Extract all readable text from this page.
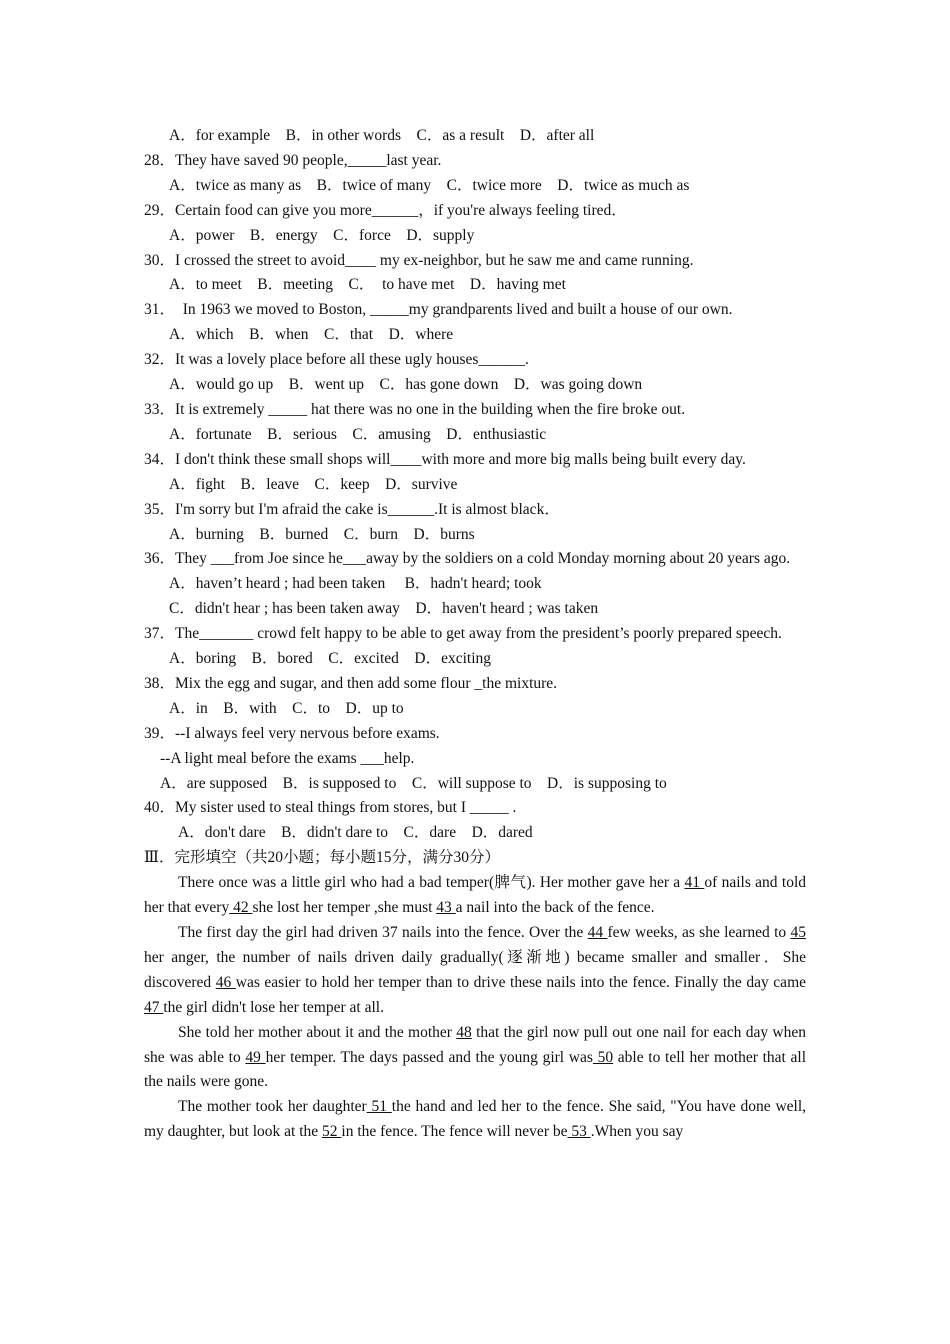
A．for example　B．in other words　C．as a result　D．after all
28．They have saved 90 people,_____last year.
A．twice as many as　B．twice of many　C．twice more　D．twice as much as
29．Certain food can give you more______，if you're always feeling tired．
A．power　B．energy　C．force　D．supply
30．I crossed the street to avoid____ my ex-neighbor, but he saw me and came running.
A．to meet　B．meeting　C．  to have met　D．having met
31．  In 1963 we moved to Boston, _____my grandparents lived and built a house of our own.
A．which　B．when　C．that　D．where
32．It was a lovely place before all these ugly houses______.
A．would go up　B．went up　C．has gone down　D．was going down
33．It is extremely _____ hat there was no one in the building when the fire broke out.
A．fortunate　B．serious　C．amusing　D．enthusiastic
34．I don't think these small shops will____with more and more big malls being built every day.
A．fight　B．leave　C．keep　D．survive
35．I'm sorry but I'm afraid the cake is______.It is almost black．
A．burning　B．burned　C．burn　D．burns
36．They ___from Joe since he___away by the soldiers on a cold Monday morning about 20 years ago.
A．haven’t heard ; had been taken　 B．hadn't heard; took
C．didn't hear ; has been taken away　D．haven't heard ; was taken
37．The_______ crowd felt happy to be able to get away from the president’s poorly prepared speech.
A．boring　B．bored　C．excited　D．exciting
38．Mix the egg and sugar, and then add some flour _the mixture.
A．in　B．with　C．to　D．up to
39．--I always feel very nervous before exams.
--A light meal before the exams ___help.
A．are supposed　B．is supposed to　C．will suppose to　D．is supposing to
40．My sister used to steal things from stores, but I _____ .
A．don't dare　B．didn't dare to　C．dare　D．dared
Ⅲ．完形填空（共20小题；每小题15分，满分30分）
There once was a little girl who had a bad temper(脾气). Her mother gave her a 41 of nails and told her that every 42 she lost her temper ,she must 43 a nail into the back of the fence.
The first day the girl had driven 37 nails into the fence. Over the 44 few weeks, as she learned to 45 her anger, the number of nails driven daily gradually(逐渐地) became smaller and smaller．She discovered 46 was easier to hold her temper than to drive these nails into the fence. Finally the day came 47 the girl didn't lose her temper at all.
She told her mother about it and the mother 48 that the girl now pull out one nail for each day when she was able to 49 her temper. The days passed and the young girl was 50 able to tell her mother that all the nails were gone.
The mother took her daughter 51 the hand and led her to the fence. She said, "You have done well, my daughter, but look at the 52 in the fence. The fence will never be 53 .When you say
